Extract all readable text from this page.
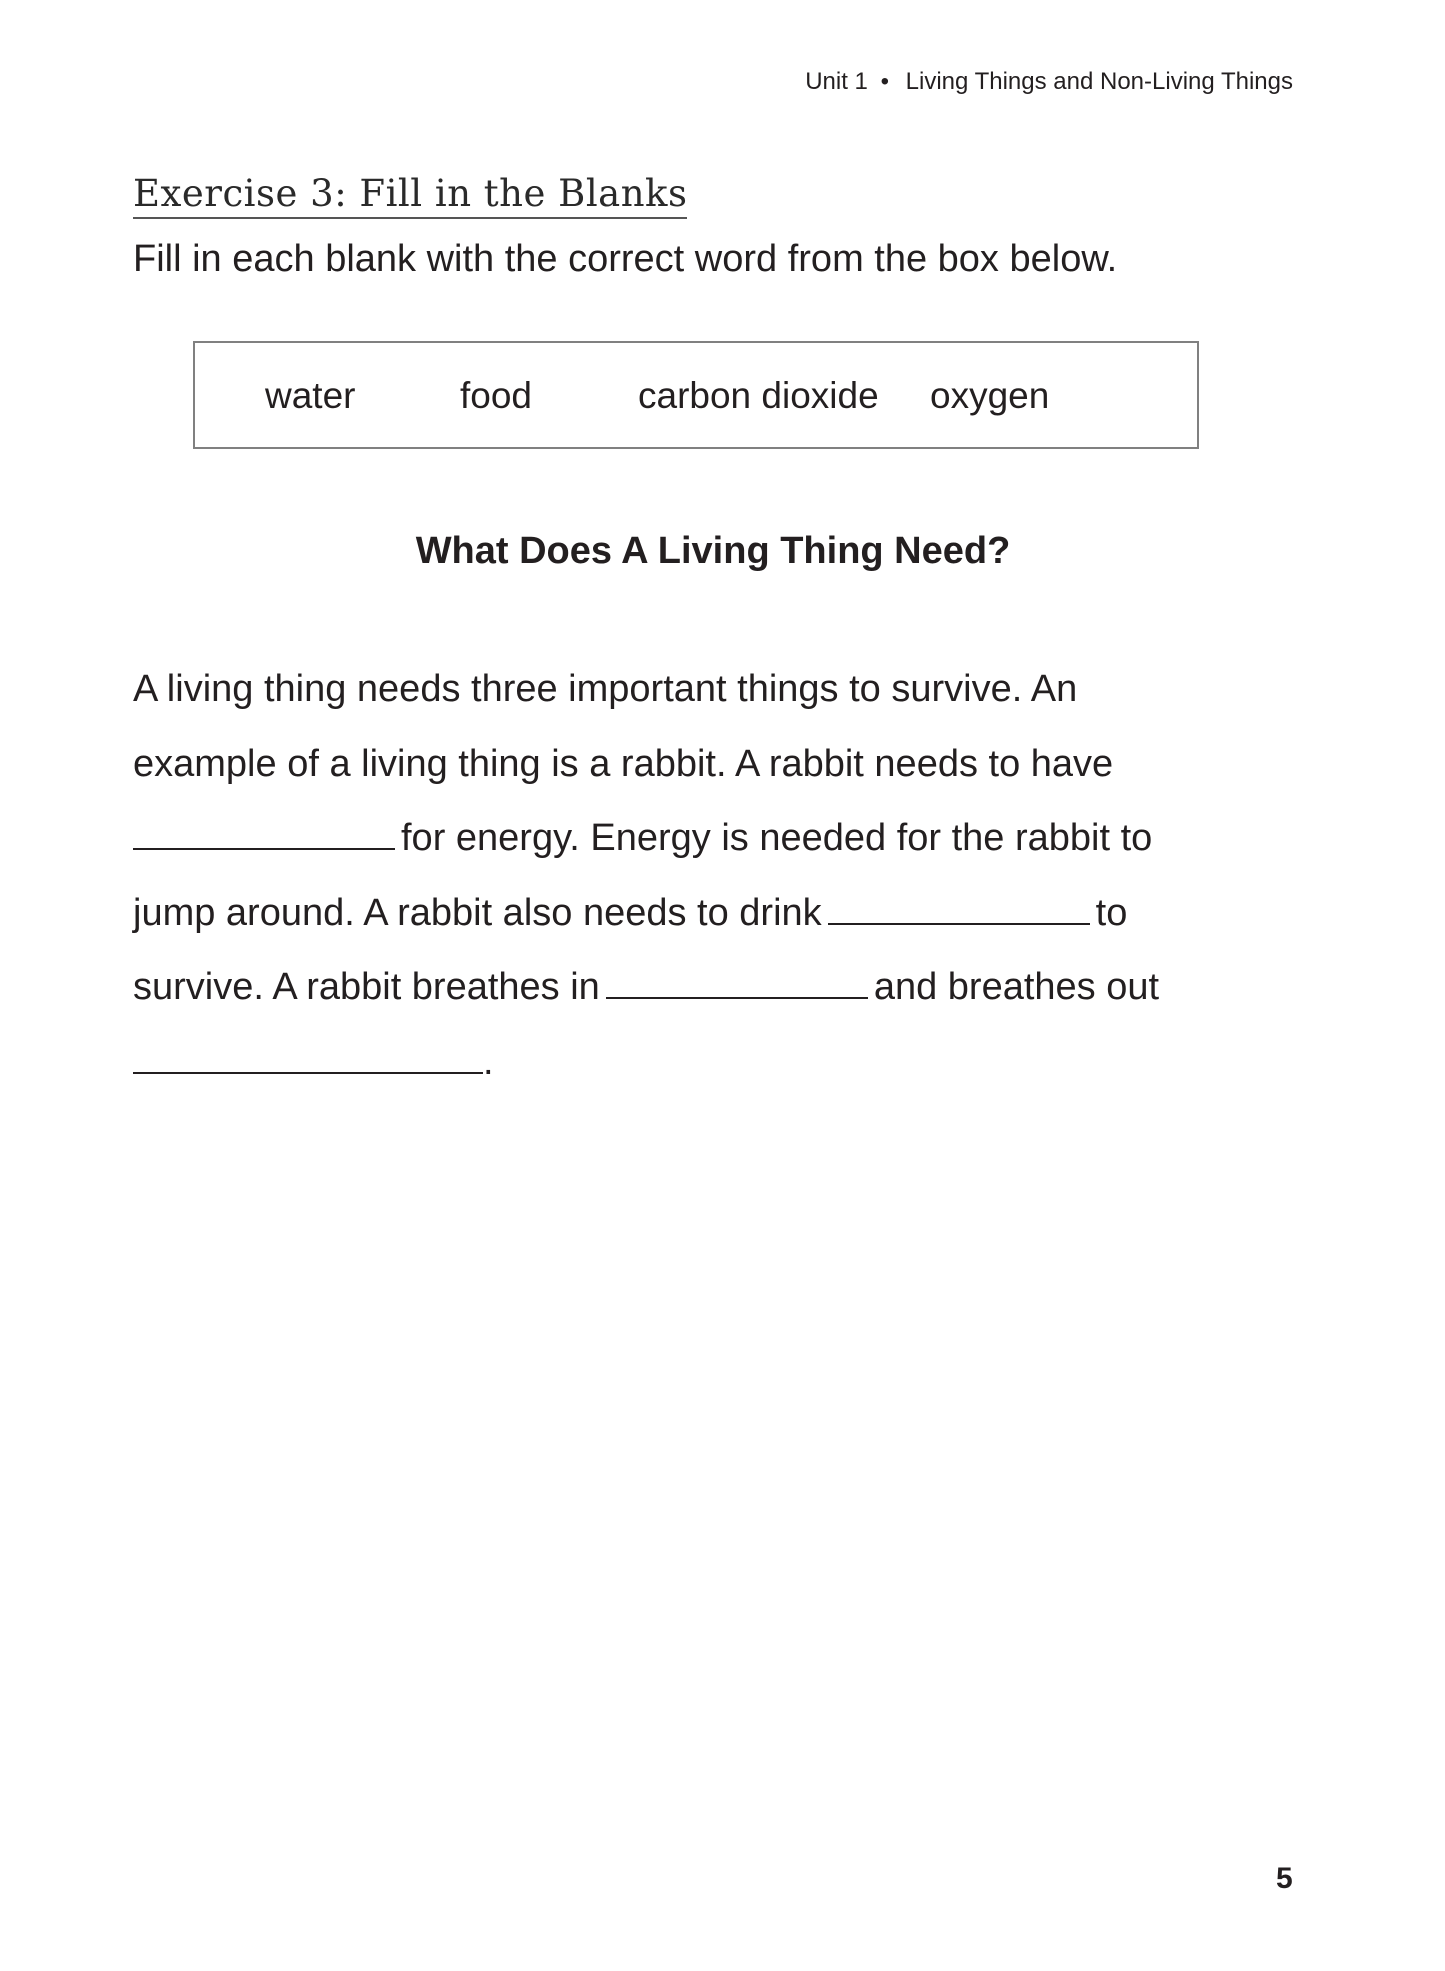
Unit 1 • Living Things and Non-Living Things
Exercise 3: Fill in the Blanks
Fill in each blank with the correct word from the box below.
water	food	carbon dioxide oxygen
What Does A Living Thing Need?
A living thing needs three important things to survive. An
example of a living thing is a rabbit. A rabbit needs to have
for energy. Energy is needed for the rabbit to
jump around. A rabbit also needs to drink	to
survive. A rabbit breathes in	and breathes out
.
5
